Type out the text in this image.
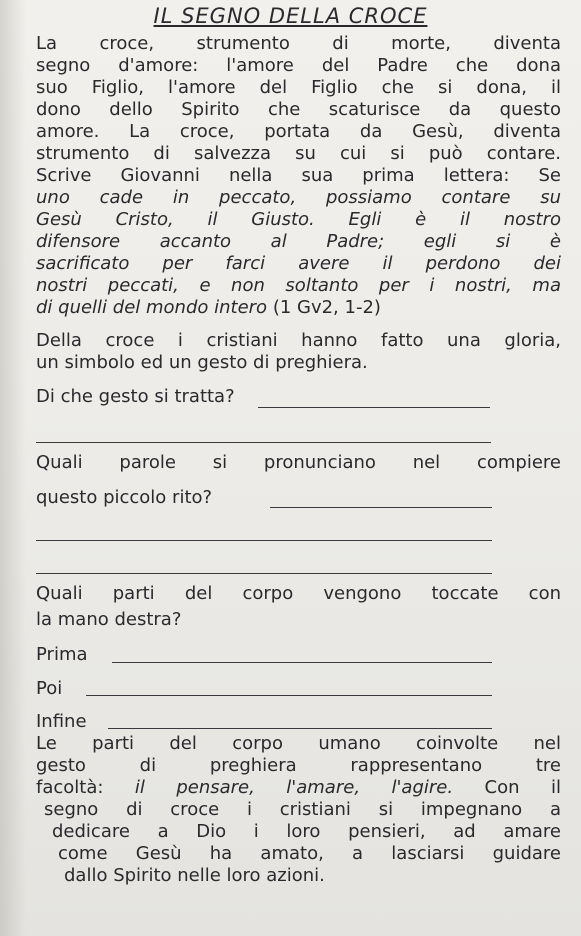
IL SEGNO DELLA CROCE
La croce, strumento di morte, diventa
segno d'amore: l'amore del Padre che dona
suo Figlio, l'amore del Figlio che si dona, il
dono dello Spirito che scaturisce da questo
amore. La croce, portata da Gesù, diventa
strumento di salvezza su cui si può contare.
Scrive Giovanni nella sua prima lettera: Se
uno cade in peccato, possiamo contare su
Gesù Cristo, il Giusto. Egli è il nostro
difensore accanto al Padre; egli si è
sacrificato per farci avere il perdono dei
nostri peccati, e non soltanto per i nostri, ma
di quelli del mondo intero (1 Gv2, 1-2)
Della croce i cristiani hanno fatto una gloria,
un simbolo ed un gesto di preghiera.
Di che gesto si tratta?
Quali parole si pronunciano nel compiere
questo piccolo rito?
Quali parti del corpo vengono toccate con
la mano destra?
Prima
Poi
Infine
Le parti del corpo umano coinvolte nel
gesto di preghiera rappresentano tre
facoltà: il pensare, l'amare, l'agire. Con il
segno di croce i cristiani si impegnano a
dedicare a Dio i loro pensieri, ad amare
come Gesù ha amato, a lasciarsi guidare
dallo Spirito nelle loro azioni.
